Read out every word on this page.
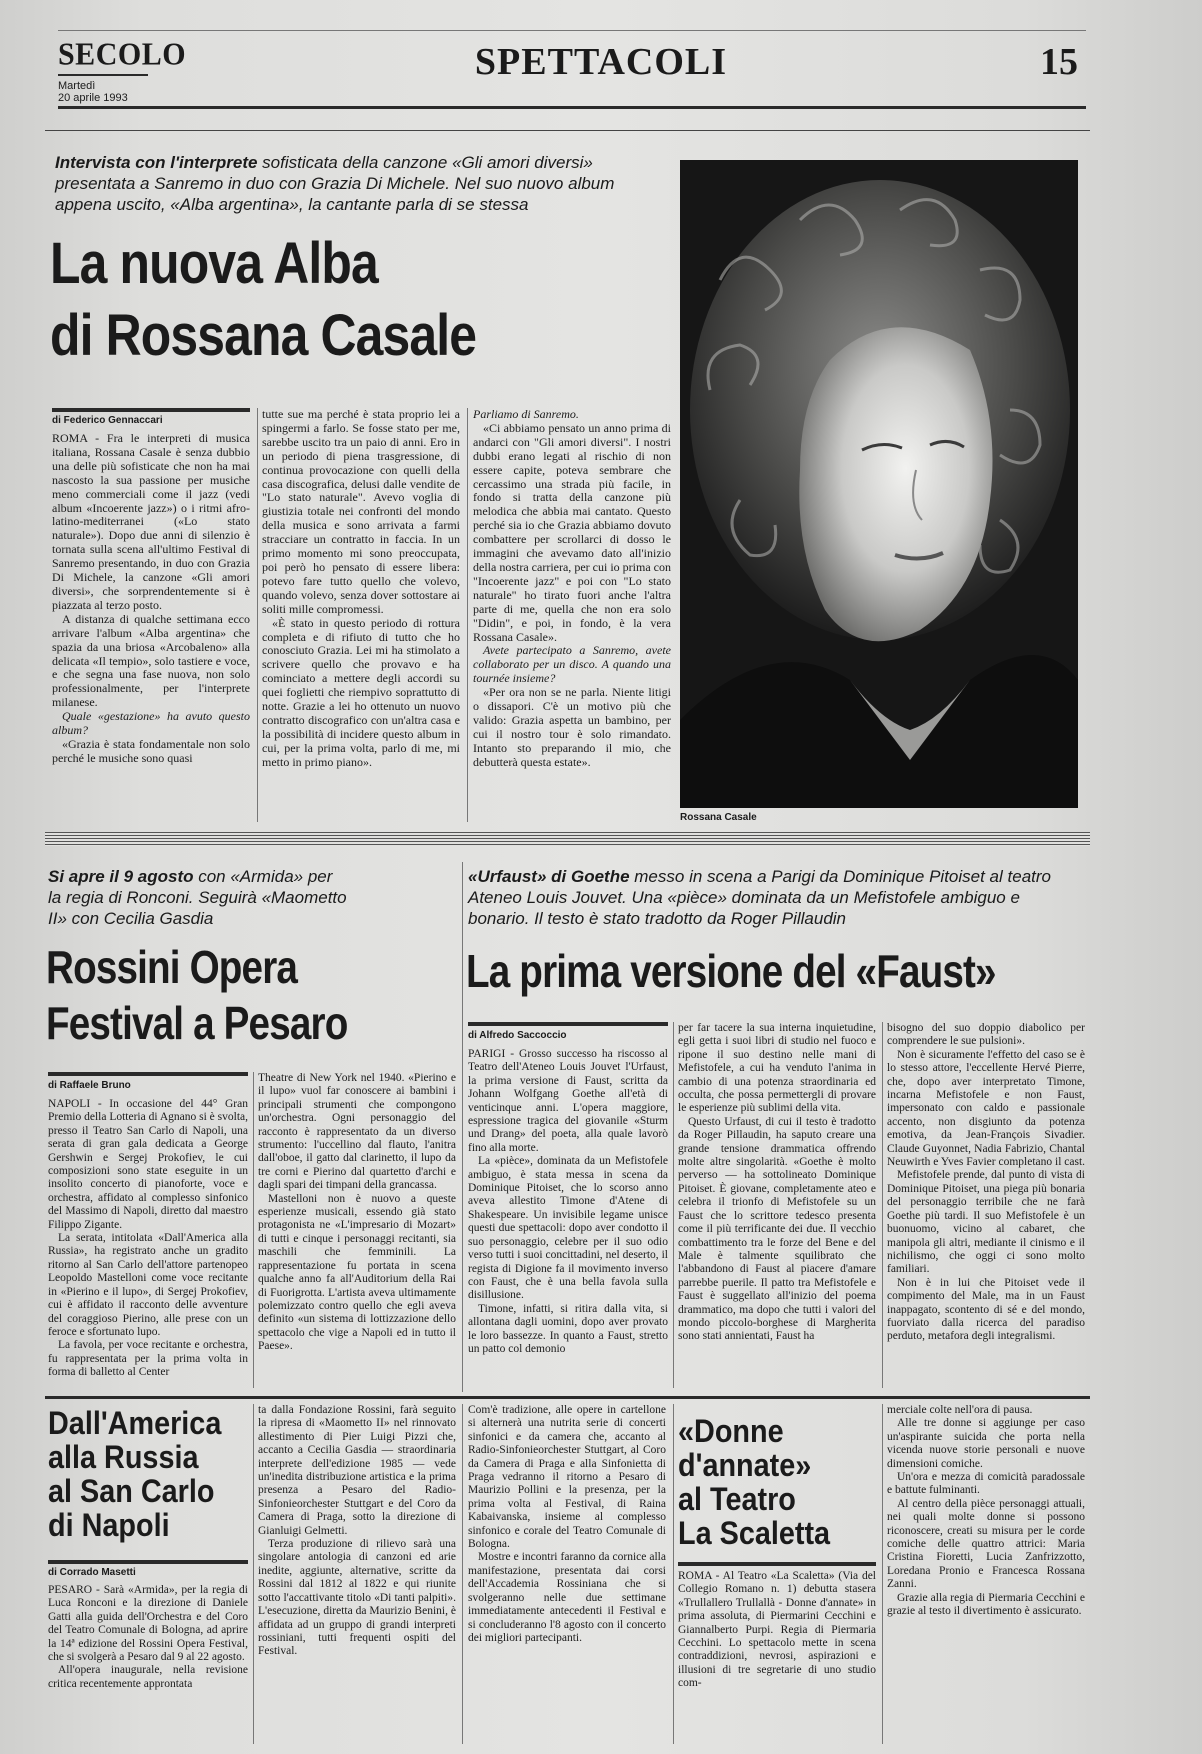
SECOLO
Martedì
20 aprile 1993
SPETTACOLI	15
Intervista con l'interprete sofisticata della canzone «Gli amori diversi» presentata a Sanremo in duo con Grazia Di Michele. Nel suo nuovo album appena uscito, «Alba argentina», la cantante parla di se stessa
La nuova Alba
di Rossana Casale
di Federico Gennaccari

ROMA - Fra le interpreti di musica italiana, Rossana Casale è senza dubbio una delle più sofisticate che non ha mai nascosto la sua passione per musiche meno commerciali come il jazz (vedi album «Incoerente jazz») o i ritmi afro-latino-mediterranei («Lo stato naturale»). Dopo due anni di silenzio è tornata sulla scena all'ultimo Festival di Sanremo presentando, in duo con Grazia Di Michele, la canzone «Gli amori diversi», che sorprendentemente si è piazzata al terzo posto.

A distanza di qualche settimana ecco arrivare l'album «Alba argentina» che spazia da una briosa «Arcobaleno» alla delicata «Il tempio», solo tastiere e voce, e che segna una fase nuova, non solo professionalmente, per l'interprete milanese.

Quale «gestazione» ha avuto questo album?

«Grazia è stata fondamentale non solo perché le musiche sono quasi

tutte sue ma perché è stata proprio lei a spingermi a farlo. Se fosse stato per me, sarebbe uscito tra un paio di anni. Ero in un periodo di piena trasgressione, di continua provocazione con quelli della casa discografica, delusi dalle vendite de "Lo stato naturale". Avevo voglia di giustizia totale nei confronti del mondo della musica e sono arrivata a farmi stracciare un contratto in faccia. In un primo momento mi sono preoccupata, poi però ho pensato di essere libera: potevo fare tutto quello che volevo, quando volevo, senza dover sottostare ai soliti mille compromessi.

«È stato in questo periodo di rottura completa e di rifiuto di tutto che ho conosciuto Grazia. Lei mi ha stimolato a scrivere quello che provavo e ha cominciato a mettere degli accordi su quei foglietti che riempivo soprattutto di notte. Grazie a lei ho ottenuto un nuovo contratto discografico con un'altra casa e la possibilità di incidere questo album in cui, per la prima volta, parlo di me, mi metto in primo piano».

Parliamo di Sanremo.

«Ci abbiamo pensato un anno prima di andarci con "Gli amori diversi". I nostri dubbi erano legati al rischio di non essere capite, poteva sembrare che cercassimo una strada più facile, in fondo si tratta della canzone più melodica che abbia mai cantato. Questo perché sia io che Grazia abbiamo dovuto combattere per scrollarci di dosso le immagini che avevamo dato all'inizio della nostra carriera, per cui io prima con "Incoerente jazz" e poi con "Lo stato naturale" ho tirato fuori anche l'altra parte di me, quella che non era solo "Didin", e poi, in fondo, è la vera Rossana Casale».

Avete partecipato a Sanremo, avete collaborato per un disco. A quando una tournée insieme?

«Per ora non se ne parla. Niente litigi o dissapori. C'è un motivo più che valido: Grazia aspetta un bambino, per cui il nostro tour è solo rimandato. Intanto sto preparando il mio, che debutterà questa estate».

Rossana Casale
Si apre il 9 agosto con «Armida» per la regia di Ronconi. Seguirà «Maometto II» con Cecilia Gasdia
Rossini Opera
Festival a Pesaro
di Raffaele Bruno

NAPOLI - In occasione del 44° Gran Premio della Lotteria di Agnano si è svolta, presso il Teatro San Carlo di Napoli, una serata di gran gala dedicata a George Gershwin e Sergej Prokofiev, le cui composizioni sono state eseguite in un insolito concerto di pianoforte, voce e orchestra, affidato al complesso sinfonico del Massimo di Napoli, diretto dal maestro Filippo Zigante.

La serata, intitolata «Dall'America alla Russia», ha registrato anche un gradito ritorno al San Carlo dell'attore partenopeo Leopoldo Mastelloni come voce recitante in «Pierino e il lupo», di Sergej Prokofiev, cui è affidato il racconto delle avventure del coraggioso Pierino, alle prese con un feroce e sfortunato lupo.

La favola, per voce recitante e orchestra, fu rappresentata per la prima volta in forma di balletto al Center

Theatre di New York nel 1940. «Pierino e il lupo» vuol far conoscere ai bambini i principali strumenti che compongono un'orchestra. Ogni personaggio del racconto è rappresentato da un diverso strumento: l'uccellino dal flauto, l'anitra dall'oboe, il gatto dal clarinetto, il lupo da tre corni e Pierino dal quartetto d'archi e dagli spari dei timpani della grancassa.

Mastelloni non è nuovo a queste esperienze musicali, essendo già stato protagonista ne «L'impresario di Mozart» di tutti e cinque i personaggi recitanti, sia maschili che femminili. La rappresentazione fu portata in scena qualche anno fa all'Auditorium della Rai di Fuorigrotta. L'artista aveva ultimamente polemizzato contro quello che egli aveva definito «un sistema di lottizzazione dello spettacolo che vige a Napoli ed in tutto il Paese».

«Urfaust» di Goethe messo in scena a Parigi da Dominique Pitoiset al teatro Ateneo Louis Jouvet. Una «pièce» dominata da un Mefistofele ambiguo e bonario. Il testo è stato tradotto da Roger Pillaudin
La prima versione del «Faust»
di Alfredo Saccoccio

PARIGI - Grosso successo ha riscosso al Teatro dell'Ateneo Louis Jouvet l'Urfaust, la prima versione di Faust, scritta da Johann Wolfgang Goethe all'età di venticinque anni. L'opera maggiore, espressione tragica del giovanile «Sturm und Drang» del poeta, alla quale lavorò fino alla morte.

La «pièce», dominata da un Mefistofele ambiguo, è stata messa in scena da Dominique Pitoiset, che lo scorso anno aveva allestito Timone d'Atene di Shakespeare. Un invisibile legame unisce questi due spettacoli: dopo aver condotto il suo personaggio, celebre per il suo odio verso tutti i suoi concittadini, nel deserto, il regista di Digione fa il movimento inverso con Faust, che è una bella favola sulla disillusione.

Timone, infatti, si ritira dalla vita, si allontana dagli uomini, dopo aver provato le loro bassezze. In quanto a Faust, stretto un patto col demonio

per far tacere la sua interna inquietudine, egli getta i suoi libri di studio nel fuoco e ripone il suo destino nelle mani di Mefistofele, a cui ha venduto l'anima in cambio di una potenza straordinaria ed occulta, che possa permettergli di provare le esperienze più sublimi della vita.

Questo Urfaust, di cui il testo è tradotto da Roger Pillaudin, ha saputo creare una grande tensione drammatica offrendo molte altre singolarità. «Goethe è molto perverso — ha sottolineato Dominique Pitoiset. È giovane, completamente ateo e celebra il trionfo di Mefistofele su un Faust che lo scrittore tedesco presenta come il più terrificante dei due. Il vecchio combattimento tra le forze del Bene e del Male è talmente squilibrato che l'abbandono di Faust al piacere d'amare parrebbe puerile. Il patto tra Mefistofele e Faust è suggellato all'inizio del poema drammatico, ma dopo che tutti i valori del mondo piccolo-borghese di Margherita sono stati annientati, Faust ha

bisogno del suo doppio diabolico per comprendere le sue pulsioni».

Non è sicuramente l'effetto del caso se è lo stesso attore, l'eccellente Hervé Pierre, che, dopo aver interpretato Timone, incarna Mefistofele e non Faust, impersonato con caldo e passionale accento, non disgiunto da potenza emotiva, da Jean-François Sivadier. Claude Guyonnet, Nadia Fabrizio, Chantal Neuwirth e Yves Favier completano il cast.

Mefistofele prende, dal punto di vista di Dominique Pitoiset, una piega più bonaria del personaggio terribile che ne farà Goethe più tardi. Il suo Mefistofele è un buonuomo, vicino al cabaret, che manipola gli altri, mediante il cinismo e il nichilismo, che oggi ci sono molto familiari.

Non è in lui che Pitoiset vede il compimento del Male, ma in un Faust inappagato, scontento di sé e del mondo, fuorviato dalla ricerca del paradiso perduto, metafora degli integralismi.

Dall'America
alla Russia
al San Carlo
di Napoli
di Corrado Masetti

PESARO - Sarà «Armida», per la regia di Luca Ronconi e la direzione di Daniele Gatti alla guida dell'Orchestra e del Coro del Teatro Comunale di Bologna, ad aprire la 14ª edizione del Rossini Opera Festival, che si svolgerà a Pesaro dal 9 al 22 agosto.

All'opera inaugurale, nella revisione critica recentemente approntata

ta dalla Fondazione Rossini, farà seguito la ripresa di «Maometto II» nel rinnovato allestimento di Pier Luigi Pizzi che, accanto a Cecilia Gasdia — straordinaria interprete dell'edizione 1985 — vede un'inedita distribuzione artistica e la prima presenza a Pesaro del Radio-Sinfonieorchester Stuttgart e del Coro da Camera di Praga, sotto la direzione di Gianluigi Gelmetti.

Terza produzione di rilievo sarà una singolare antologia di canzoni ed arie inedite, aggiunte, alternative, scritte da Rossini dal 1812 al 1822 e qui riunite sotto l'accattivante titolo «Di tanti palpiti». L'esecuzione, diretta da Maurizio Benini, è affidata ad un gruppo di grandi interpreti rossiniani, tutti frequenti ospiti del Festival.

Com'è tradizione, alle opere in cartellone si alternerà una nutrita serie di concerti sinfonici e da camera che, accanto al Radio-Sinfonieorchester Stuttgart, al Coro da Camera di Praga e alla Sinfonietta di Praga vedranno il ritorno a Pesaro di Maurizio Pollini e la presenza, per la prima volta al Festival, di Raina Kabaivanska, insieme al complesso sinfonico e corale del Teatro Comunale di Bologna.

Mostre e incontri faranno da cornice alla manifestazione, presentata dai corsi dell'Accademia Rossiniana che si svolgeranno nelle due settimane immediatamente antecedenti il Festival e si concluderanno l'8 agosto con il concerto dei migliori partecipanti.

«Donne
d'annate»
al Teatro
La Scaletta

ROMA - Al Teatro «La Scaletta» (Via del Collegio Romano n. 1) debutta stasera «Trullallero Trullallà - Donne d'annate» in prima assoluta, di Piermarini Cecchini e Giannalberto Purpi. Regia di Piermaria Cecchini. Lo spettacolo mette in scena contraddizioni, nevrosi, aspirazioni e illusioni di tre segretarie di uno studio com-

merciale colte nell'ora di pausa.

Alle tre donne si aggiunge per caso un'aspirante suicida che porta nella vicenda nuove storie personali e nuove dimensioni comiche.

Un'ora e mezza di comicità paradossale e battute fulminanti.

Al centro della pièce personaggi attuali, nei quali molte donne si possono riconoscere, creati su misura per le corde comiche delle quattro attrici: Maria Cristina Fioretti, Lucia Zanfrizzotto, Loredana Pronio e Francesca Rossana Zanni.

Grazie alla regia di Piermaria Cecchini e grazie al testo il divertimento è assicurato.
